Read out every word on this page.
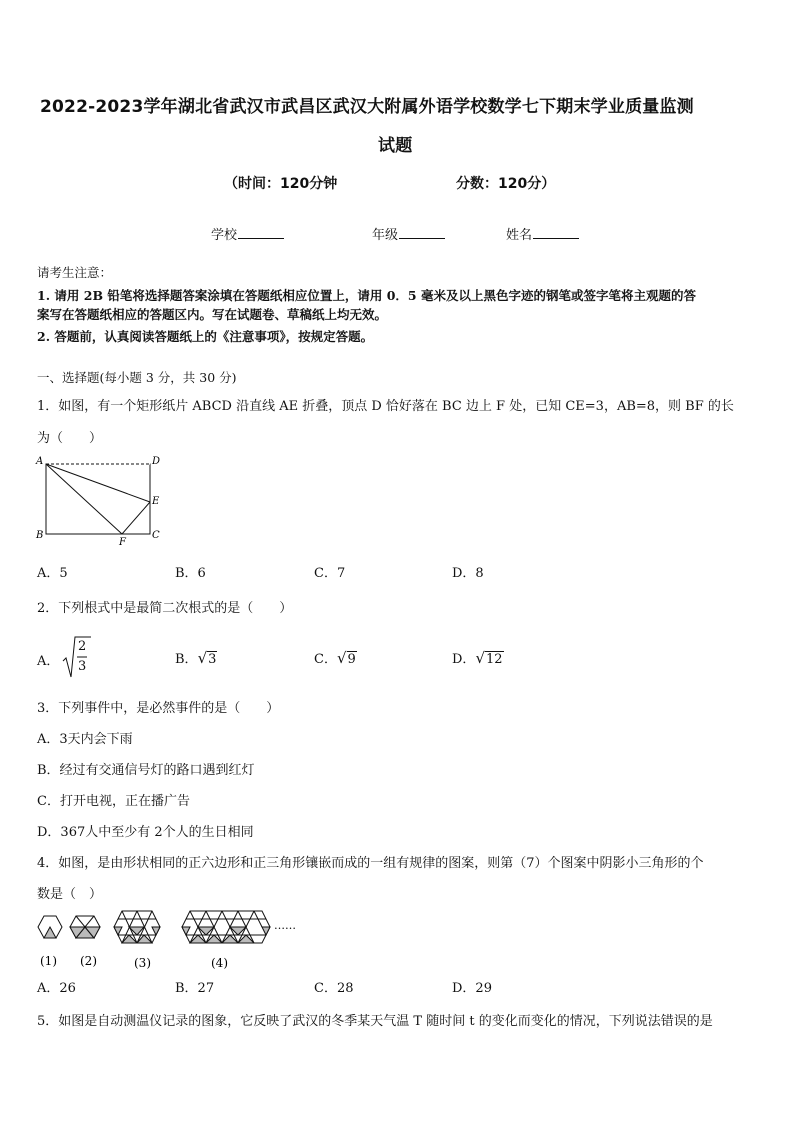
2022-2023学年湖北省武汉市武昌区武汉大附属外语学校数学七下期末学业质量监测
试题
（时间：120分钟	分数：120分）
学校	年级	姓名
请考生注意：
1. 请用 2B 铅笔将选择题答案涂填在答题纸相应位置上，请用 0．5 毫米及以上黑色字迹的钢笔或签字笔将主观题的答
案写在答题纸相应的答题区内。写在试题卷、草稿纸上均无效。
2. 答题前，认真阅读答题纸上的《注意事项》，按规定答题。
一、选择题(每小题 3 分，共 30 分)
1．如图，有一个矩形纸片 ABCD 沿直线 AE 折叠，顶点 D 恰好落在 BC 边上 F 处，已知 CE=3，AB=8，则 BF 的长
为（　　）
A	D
E
B	C
F
A．5	B．6	C．7	D．8
2．下列根式中是最简二次根式的是（　　）
A．
2
3	B．√3	C．√9	D．√12
3．下列事件中，是必然事件的是（　　）
A．3天内会下雨
B．经过有交通信号灯的路口遇到红灯
C．打开电视，正在播广告
D．367人中至少有 2个人的生日相同
4．如图，是由形状相同的正六边形和正三角形镶嵌而成的一组有规律的图案，则第（7）个图案中阴影小三角形的个
数是（　）
……
(1) (2)	(3)	(4)
A．26	B．27	C．28	D．29
5．如图是自动测温仪记录的图象，它反映了武汉的冬季某天气温 T 随时间 t 的变化而变化的情况，下列说法错误的是
